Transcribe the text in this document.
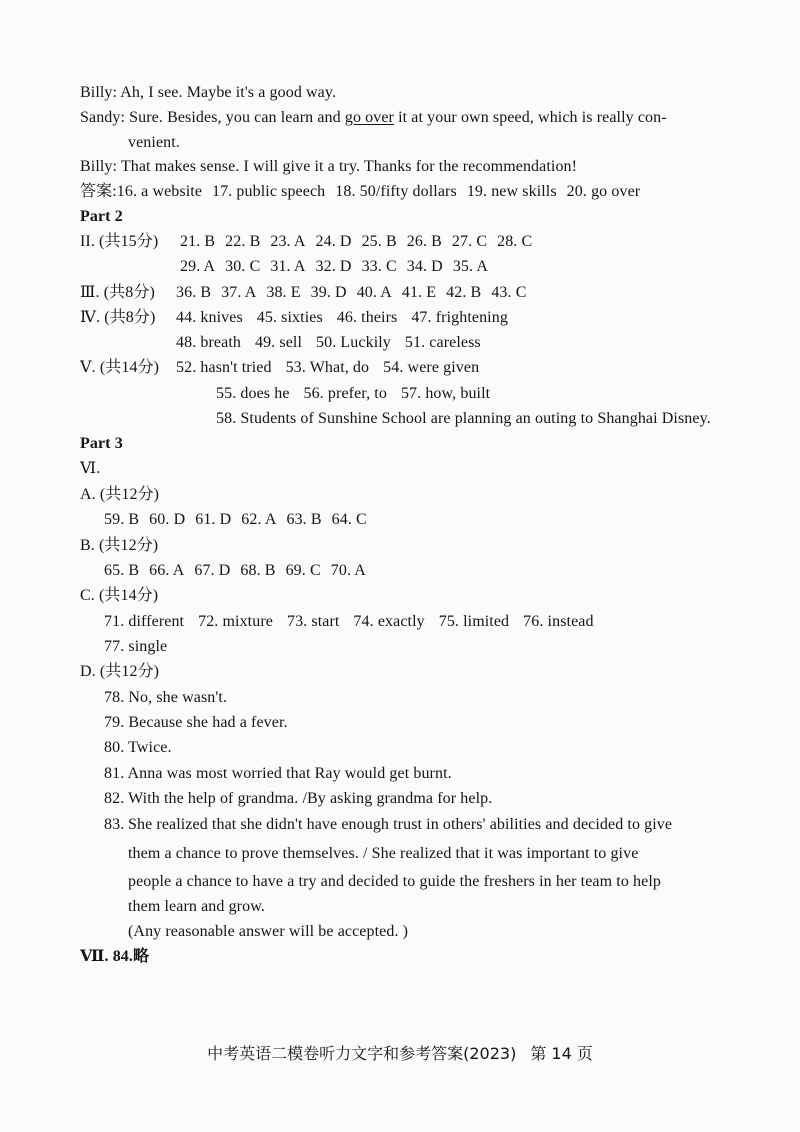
Billy: Ah, I see. Maybe it's a good way.
Sandy: Sure. Besides, you can learn and go over it at your own speed, which is really con-
venient.
Billy: That makes sense. I will give it a try. Thanks for the recommendation!
答案:16. a website 17. public speech 18. 50/fifty dollars 19. new skills 20. go over
Part 2
II. (共15分) 21. B 22. B 23. A 24. D 25. B 26. B 27. C 28. C
29. A 30. C 31. A 32. D 33. C 34. D 35. A
Ⅲ. (共8分) 36. B 37. A 38. E 39. D 40. A 41. E 42. B 43. C
Ⅳ. (共8分) 44. knives 45. sixties 46. theirs 47. frightening
48. breath 49. sell 50. Luckily 51. careless
Ⅴ. (共14分) 52. hasn't tried 53. What, do 54. were given
55. does he 56. prefer, to 57. how, built
58. Students of Sunshine School are planning an outing to Shanghai Disney.
Part 3
Ⅵ.
A. (共12分)
59. B 60. D 61. D 62. A 63. B 64. C
B. (共12分)
65. B 66. A 67. D 68. B 69. C 70. A
C. (共14分)
71. different 72. mixture 73. start 74. exactly 75. limited 76. instead
77. single
D. (共12分)
78. No, she wasn't.
79. Because she had a fever.
80. Twice.
81. Anna was most worried that Ray would get burnt.
82. With the help of grandma. /By asking grandma for help.
83. She realized that she didn't have enough trust in others' abilities and decided to give
them a chance to prove themselves. / She realized that it was important to give
people a chance to have a try and decided to guide the freshers in her team to help
them learn and grow.
(Any reasonable answer will be accepted. )
Ⅶ. 84.略
中考英语二模卷听力文字和参考答案(2023) 第 14 页
